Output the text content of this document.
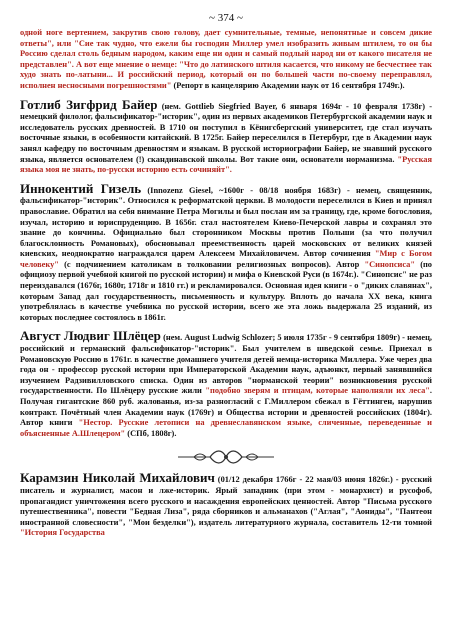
~ 374 ~

одной ноге вертением, закрутив свою голову, дает сумнительные, темные, непонятные и совсем дикие ответы", или "Сие так чудно, что ежели бы господин Миллер умел изобразить живым штилем, то он бы Россию сделал столь бедным народом, каким еще ни один и самый подлый народ ни от какого писателя не представлен". А вот еще мнение о немце: "Что до латинского штиля касается, что никому не бесчестнее так худо знать по-латыни... И российский период, который он по большей части по-своему переправлял, исполнен несносными погрешностями" (Репорт в канцелярию Академии наук от 16 сентября 1749г.).

Готлиб Зигфрид Байер (нем. Gottlieb Siegfried Bayer, 6 января 1694г - 10 февраля 1738г) - немецкий филолог, фальсификатор-"историк", один из первых академиков Петербургской академии наук и исследователь русских древностей. В 1710 он поступил в Кёнигсбергский университет, где стал изучать восточные языки, в особенности китайский. В 1725г. Байер переселился в Петербург, где в Академии наук занял кафедру по восточным древностям и языкам. В русской историографии Байер, не знавший русского языка, является основателем (!) скандинавской школы. Вот такие они, основатели норманизма. "Русская языка моя не знать, по-русски историю есть сочиняйт".

Иннокентий Гизель (Innozenz Giesel, ~1600г - 08/18 ноября 1683г) - немец, священник, фальсификатор-"историк". Относился к реформатской церкви. В молодости переселился в Киев и принял православие. Обратил на себя внимание Петра Могилы и был послан им за границу, где, кроме богословия, изучал, историю и юриспруденцию. В 1656г. стал настоятелем Киево-Печерской лавры и сохранял это звание до кончины. Официально был сторонником Москвы против Польши (за что получил благосклонность Романовых), обосновывал преемственность царей московских от великих князей киевских, неоднократно награждался царем Алексеем Михайловичем. Автор сочинения "Мир с Богом человеку" (с подчинением католикам в толковании религиозных вопросов). Автор "Синопсиса" (по официозу первой учебной книгой по русской истории) и мифа о Киевской Руси (в 1674г.). "Синопсис" не раз переиздавался (1676г, 1680г, 1718г и 1810 гг.) и рекламировался. Основная идея книги - о "диких славянах", которым Запад дал государственность, письменность и культуру. Вплоть до начала XX века, книга употреблялась в качестве учебника по русской истории, всего же эта ложь выдержала 25 изданий, из которых последнее состоялось в 1861г.

Август Людвиг Шлёцер (нем. August Ludwig Schlozer; 5 июля 1735г - 9 сентября 1809г) - немец, российский и германский фальсификатор-"историк". Был учителем в шведской семье. Приехал в Романовскую Россию в 1761г. в качестве домашнего учителя детей немца-историка Миллера. Уже через два года он - профессор русской истории при Императорской Академии наук, адъюнкт, первый занявшийся изучением Радзивилловского списка. Один из авторов "норманской теории" возникновения русской государственности. По Шлёцеру русские жили "подобно зверям и птицам, которые наполняли их леса". Получая гигантские 860 руб. жалованья, из-за разногласий с Г.Миллером сбежал в Гёттинген, нарушив контракт. Почётный член Академии наук (1769г) и Общества истории и древностей российских (1804г). Автор книги "Нестор. Русские летописи на древнеславянском языке, сличенные, переведенные и объясненные А.Шлецером" (СПб, 1808г).

Карамзин Николай Михайлович (01/12 декабря 1766г - 22 мая/03 июня 1826г.) - русский писатель и журналист, масон и лже-историк. Ярый западник (при этом - монархист) и русофоб, пропагандист уничтожения всего русского и насаждения европейских ценностей. Автор "Письма русского путешественника", повести "Бедная Лиза", ряда сборников и альманахов ("Аглая", "Аониды", "Пантеон иностранной словесности", "Мои безделки"), издатель литературного журнала, составитель 12-ти томной "История Государства
